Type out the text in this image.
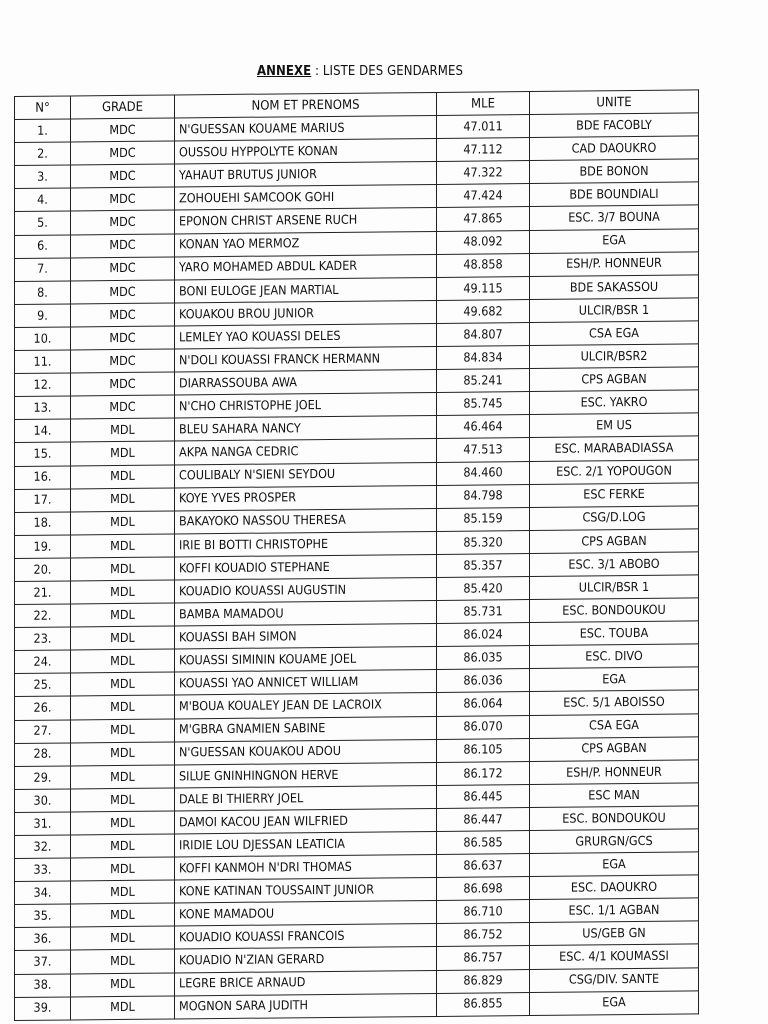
ANNEXE : LISTE DES GENDARMES
N°	GRADE	NOM ET PRENOMS	MLE	UNITE
1.	MDC	N'GUESSAN KOUAME MARIUS	47.011	BDE FACOBLY
2.	MDC	OUSSOU HYPPOLYTE KONAN	47.112	CAD DAOUKRO
3.	MDC	YAHAUT BRUTUS JUNIOR	47.322	BDE BONON
4.	MDC	ZOHOUEHI SAMCOOK GOHI	47.424	BDE BOUNDIALI
5.	MDC	EPONON CHRIST ARSENE RUCH	47.865	ESC. 3/7 BOUNA
6.	MDC	KONAN YAO MERMOZ	48.092	EGA
7.	MDC	YARO MOHAMED ABDUL KADER	48.858	ESH/P. HONNEUR
8.	MDC	BONI EULOGE JEAN MARTIAL	49.115	BDE SAKASSOU
9.	MDC	KOUAKOU BROU JUNIOR	49.682	ULCIR/BSR 1
10.	MDC	LEMLEY YAO KOUASSI DELES	84.807	CSA EGA
11.	MDC	N'DOLI KOUASSI FRANCK HERMANN	84.834	ULCIR/BSR2
12.	MDC	DIARRASSOUBA AWA	85.241	CPS AGBAN
13.	MDC	N'CHO CHRISTOPHE JOEL	85.745	ESC. YAKRO
14.	MDL	BLEU SAHARA NANCY	46.464	EM US
15.	MDL	AKPA NANGA CEDRIC	47.513	ESC. MARABADIASSA
16.	MDL	COULIBALY N'SIENI SEYDOU	84.460	ESC. 2/1 YOPOUGON
17.	MDL	KOYE YVES PROSPER	84.798	ESC FERKE
18.	MDL	BAKAYOKO NASSOU THERESA	85.159	CSG/D.LOG
19.	MDL	IRIE BI BOTTI CHRISTOPHE	85.320	CPS AGBAN
20.	MDL	KOFFI KOUADIO STEPHANE	85.357	ESC. 3/1 ABOBO
21.	MDL	KOUADIO KOUASSI AUGUSTIN	85.420	ULCIR/BSR 1
22.	MDL	BAMBA MAMADOU	85.731	ESC. BONDOUKOU
23.	MDL	KOUASSI BAH SIMON	86.024	ESC. TOUBA
24.	MDL	KOUASSI SIMININ KOUAME JOEL	86.035	ESC. DIVO
25.	MDL	KOUASSI YAO ANNICET WILLIAM	86.036	EGA
26.	MDL	M'BOUA KOUALEY JEAN DE LACROIX	86.064	ESC. 5/1 ABOISSO
27.	MDL	M'GBRA GNAMIEN SABINE	86.070	CSA EGA
28.	MDL	N'GUESSAN KOUAKOU ADOU	86.105	CPS AGBAN
29.	MDL	SILUE GNINHINGNON HERVE	86.172	ESH/P. HONNEUR
30.	MDL	DALE BI THIERRY JOEL	86.445	ESC MAN
31.	MDL	DAMOI KACOU JEAN WILFRIED	86.447	ESC. BONDOUKOU
32.	MDL	IRIDIE LOU DJESSAN LEATICIA	86.585	GRURGN/GCS
33.	MDL	KOFFI KANMOH N'DRI THOMAS	86.637	EGA
34.	MDL	KONE KATINAN TOUSSAINT JUNIOR	86.698	ESC. DAOUKRO
35.	MDL	KONE MAMADOU	86.710	ESC. 1/1 AGBAN
36.	MDL	KOUADIO KOUASSI FRANCOIS	86.752	US/GEB GN
37.	MDL	KOUADIO N'ZIAN GERARD	86.757	ESC. 4/1 KOUMASSI
38.	MDL	LEGRE BRICE ARNAUD	86.829	CSG/DIV. SANTE
39.	MDL	MOGNON SARA JUDITH	86.855	EGA
